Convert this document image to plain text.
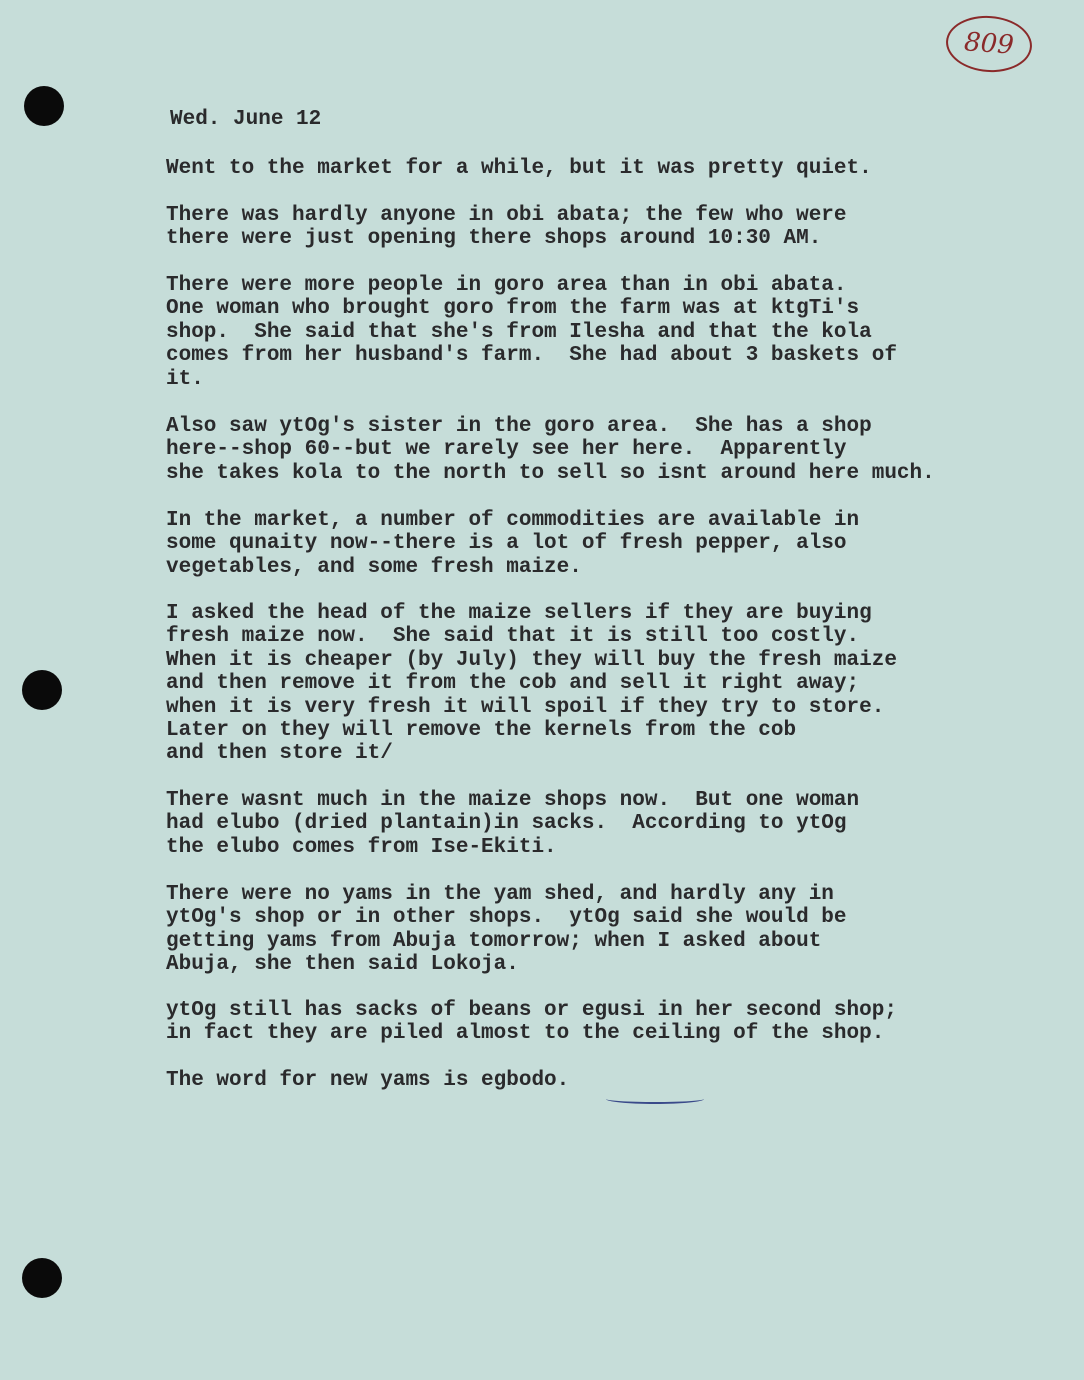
809
Wed. June 12

Went to the market for a while, but it was pretty quiet.

There was hardly anyone in obi abata; the few who were
there were just opening there shops around 10:30 AM.

There were more people in goro area than in obi abata.
One woman who brought goro from the farm was at ktgTi's
shop.  She said that she's from Ilesha and that the kola
comes from her husband's farm.  She had about 3 baskets of
it.

Also saw ytOg's sister in the goro area.  She has a shop
here--shop 60--but we rarely see her here.  Apparently
she takes kola to the north to sell so isnt around here much.

In the market, a number of commodities are available in
some qunaity now--there is a lot of fresh pepper, also
vegetables, and some fresh maize.

I asked the head of the maize sellers if they are buying
fresh maize now.  She said that it is still too costly.
When it is cheaper (by July) they will buy the fresh maize
and then remove it from the cob and sell it right away;
when it is very fresh it will spoil if they try to store.
Later on they will remove the kernels from the cob
and then store it/

There wasnt much in the maize shops now.  But one woman
had elubo (dried plantain)in sacks.  According to ytOg
the elubo comes from Ise-Ekiti.

There were no yams in the yam shed, and hardly any in
ytOg's shop or in other shops.  ytOg said she would be
getting yams from Abuja tomorrow; when I asked about
Abuja, she then said Lokoja.

ytOg still has sacks of beans or egusi in her second shop;
in fact they are piled almost to the ceiling of the shop.

The word for new yams is egbodo.
